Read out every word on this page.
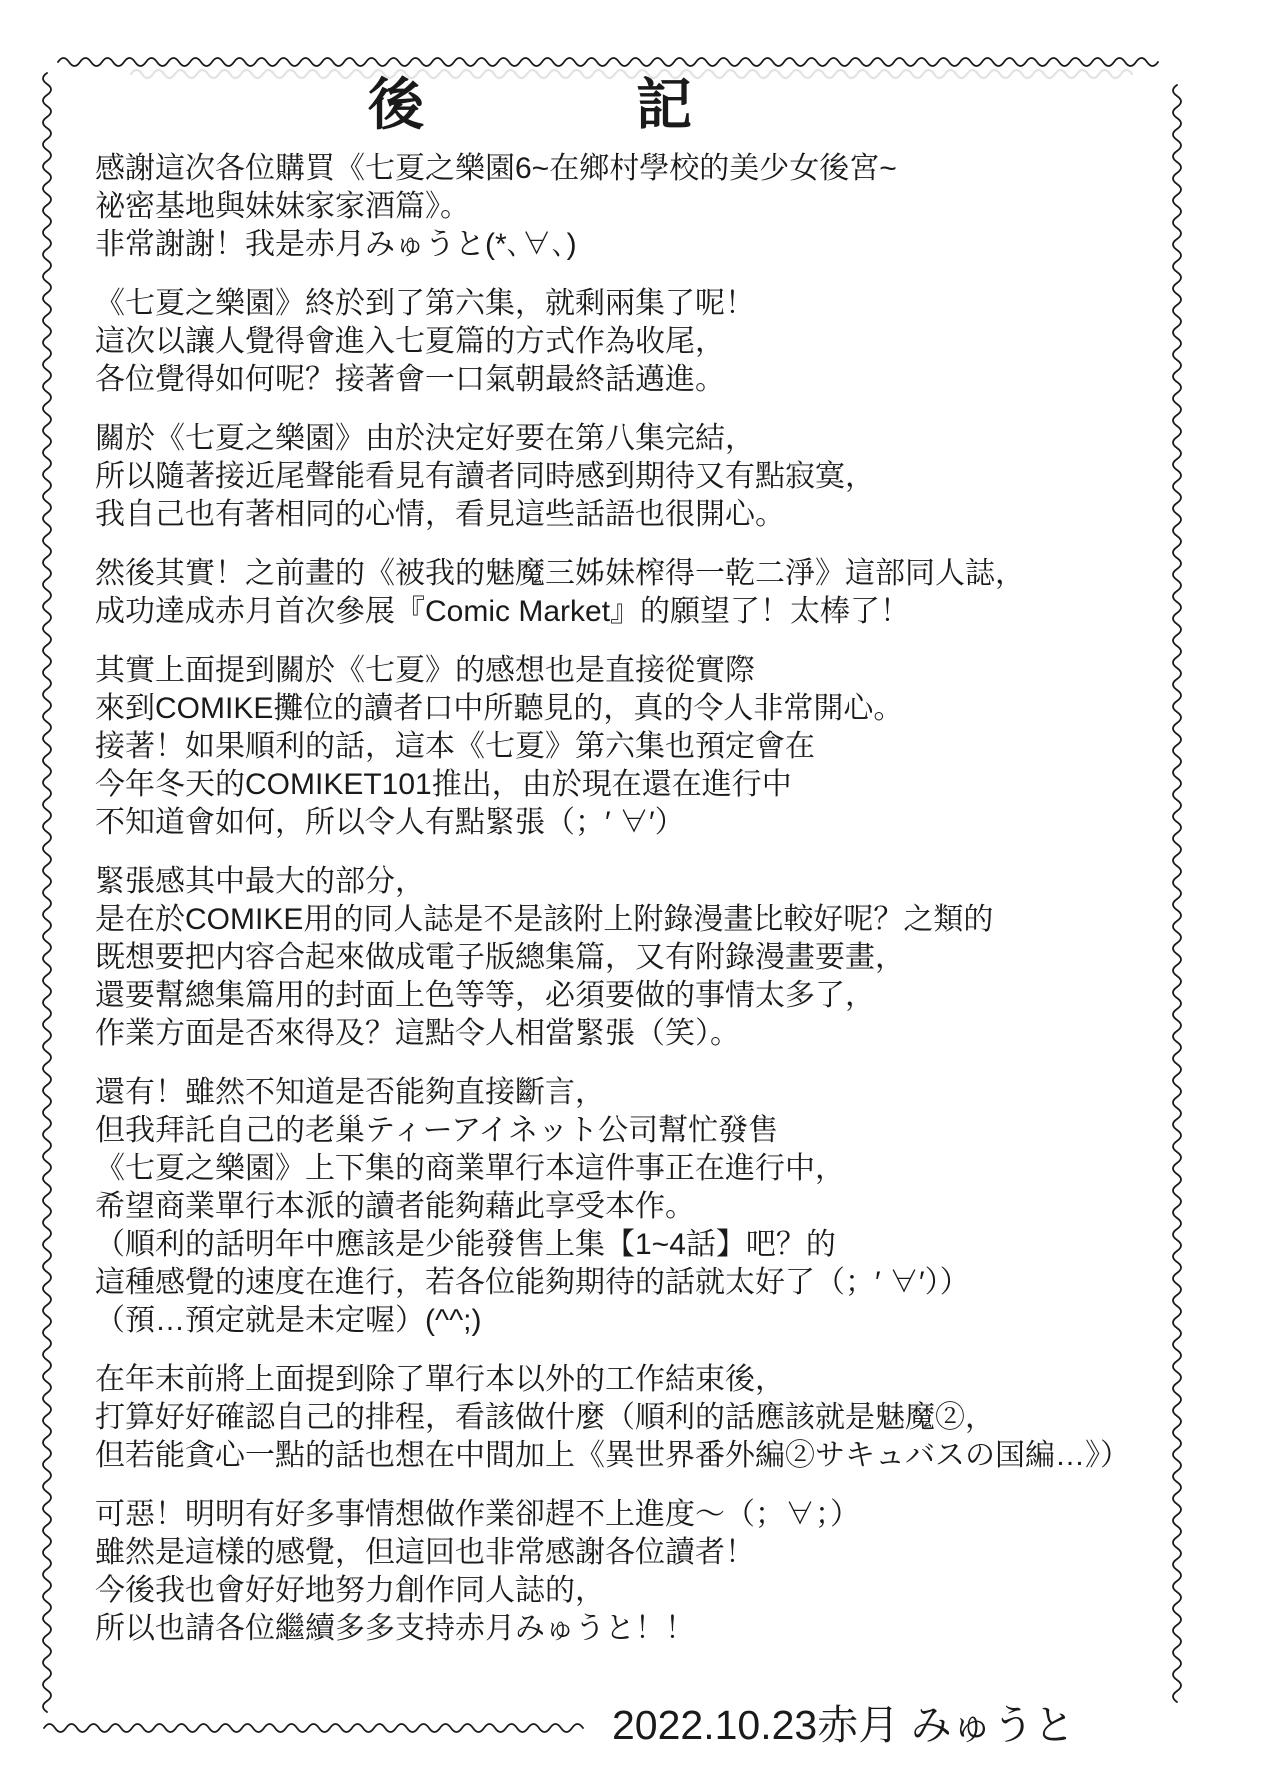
後記
感謝這次各位購買《七夏之樂園6~在鄉村學校的美少女後宮~
祕密基地與妹妹家家酒篇》。
非常謝謝！我是赤月みゅうと(*､∀､)
《七夏之樂園》終於到了第六集，就剩兩集了呢！
這次以讓人覺得會進入七夏篇的方式作為收尾，
各位覺得如何呢？接著會一口氣朝最終話邁進。
關於《七夏之樂園》由於決定好要在第八集完結，
所以隨著接近尾聲能看見有讀者同時感到期待又有點寂寞，
我自己也有著相同的心情，看見這些話語也很開心。
然後其實！之前畫的《被我的魅魔三姊妹榨得一乾二淨》這部同人誌，
成功達成赤月首次參展『Comic Market』的願望了！太棒了！
其實上面提到關於《七夏》的感想也是直接從實際
來到COMIKE攤位的讀者口中所聽見的，真的令人非常開心。
接著！如果順利的話，這本《七夏》第六集也預定會在
今年冬天的COMIKET101推出，由於現在還在進行中
不知道會如何，所以令人有點緊張（；′ ∀′）
緊張感其中最大的部分，
是在於COMIKE用的同人誌是不是該附上附錄漫畫比較好呢？之類的
既想要把内容合起來做成電子版總集篇，又有附錄漫畫要畫，
還要幫總集篇用的封面上色等等，必須要做的事情太多了，
作業方面是否來得及？這點令人相當緊張（笑）。
還有！雖然不知道是否能夠直接斷言，
但我拜託自己的老巢ティーアイネット公司幫忙發售
《七夏之樂園》上下集的商業單行本這件事正在進行中，
希望商業單行本派的讀者能夠藉此享受本作。
（順利的話明年中應該是少能發售上集【1~4話】吧？的
這種感覺的速度在進行，若各位能夠期待的話就太好了（；′ ∀′））
（預…預定就是未定喔）(^^;)
在年末前將上面提到除了單行本以外的工作結束後，
打算好好確認自己的排程，看該做什麼（順利的話應該就是魅魔②，
但若能貪心一點的話也想在中間加上《異世界番外編②サキュバスの国編…》）
可惡！明明有好多事情想做作業卻趕不上進度～（；∀；）
雖然是這樣的感覺，但這回也非常感謝各位讀者！
今後我也會好好地努力創作同人誌的，
所以也請各位繼續多多支持赤月みゅうと！！
2022.10.23赤月 みゅうと
